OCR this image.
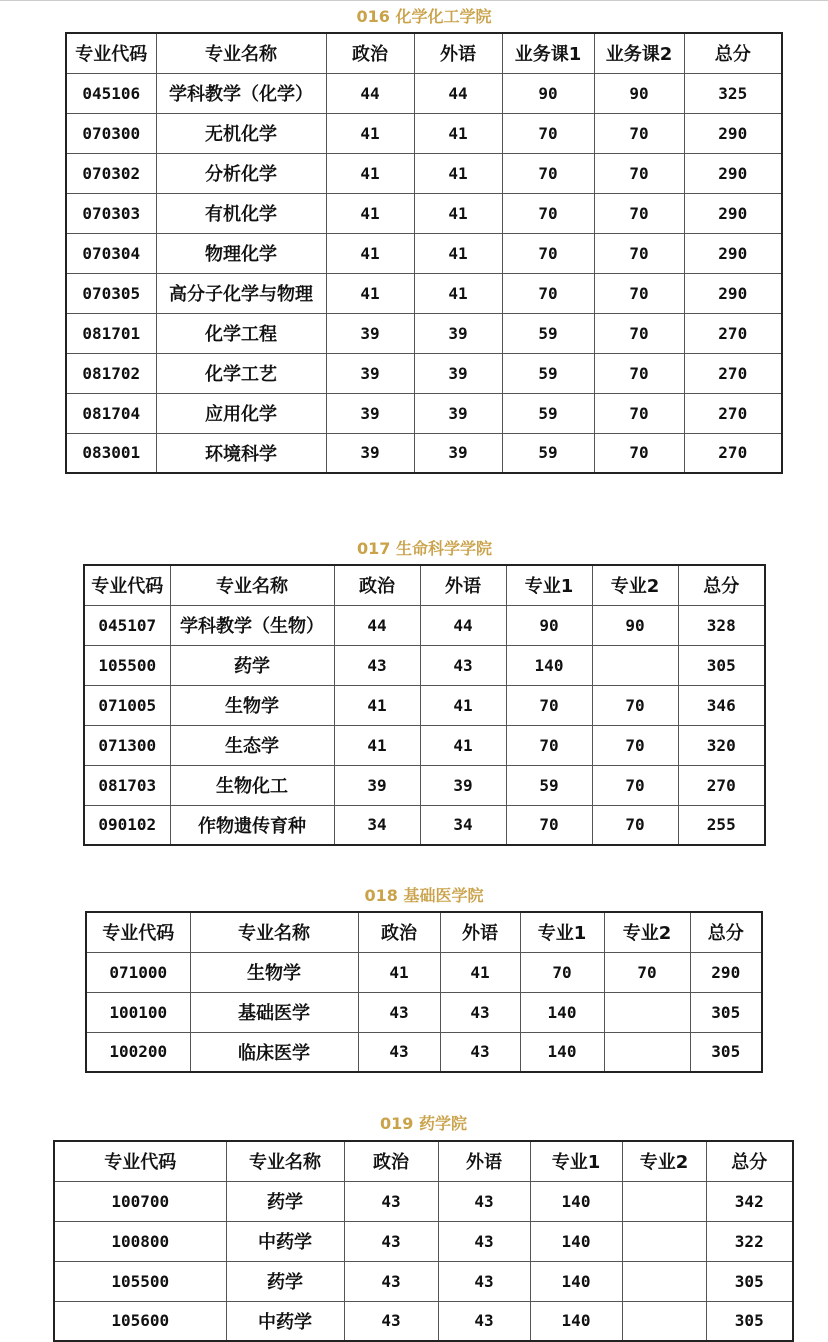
016 化学化工学院
专业代码	专业名称	政治	外语	业务课1	业务课2	总分
045106	学科教学（化学）	44	44	90	90	325
070300	无机化学	41	41	70	70	290
070302	分析化学	41	41	70	70	290
070303	有机化学	41	41	70	70	290
070304	物理化学	41	41	70	70	290
070305	高分子化学与物理	41	41	70	70	290
081701	化学工程	39	39	59	70	270
081702	化学工艺	39	39	59	70	270
081704	应用化学	39	39	59	70	270
083001	环境科学	39	39	59	70	270
017 生命科学学院
专业代码	专业名称	政治	外语	专业1	专业2	总分
045107	学科教学（生物）	44	44	90	90	328
105500	药学	43	43	140		305
071005	生物学	41	41	70	70	346
071300	生态学	41	41	70	70	320
081703	生物化工	39	39	59	70	270
090102	作物遗传育种	34	34	70	70	255
018 基础医学院
专业代码	专业名称	政治	外语	专业1	专业2	总分
071000	生物学	41	41	70	70	290
100100	基础医学	43	43	140		305
100200	临床医学	43	43	140		305
019 药学院
专业代码	专业名称	政治	外语	专业1	专业2	总分
100700	药学	43	43	140		342
100800	中药学	43	43	140		322
105500	药学	43	43	140		305
105600	中药学	43	43	140		305
